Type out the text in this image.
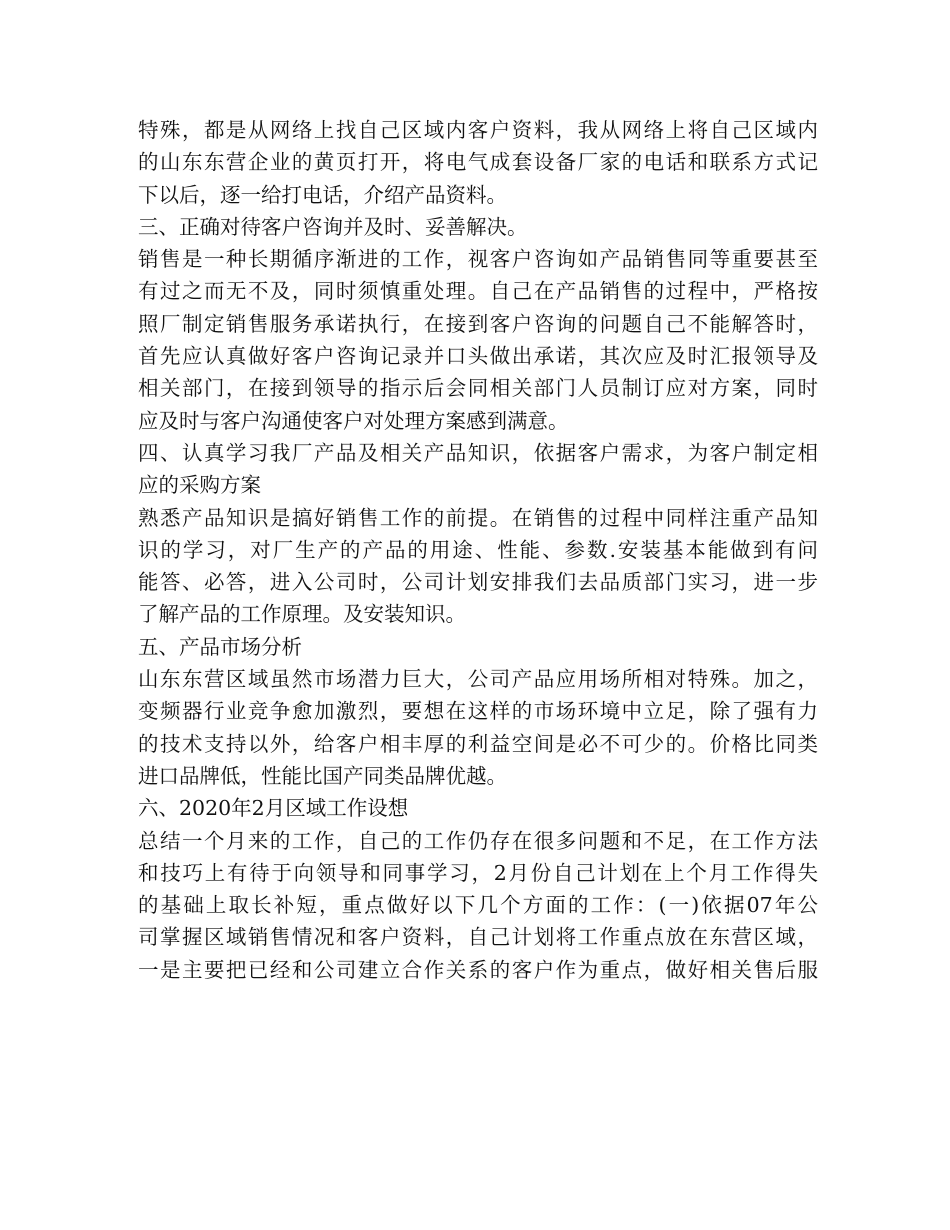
特殊，都是从网络上找自己区域内客户资料，我从网络上将自己区域内
的山东东营企业的黄页打开，将电气成套设备厂家的电话和联系方式记
下以后，逐一给打电话，介绍产品资料。
三、正确对待客户咨询并及时、妥善解决。
销售是一种长期循序渐进的工作，视客户咨询如产品销售同等重要甚至
有过之而无不及，同时须慎重处理。自己在产品销售的过程中，严格按
照厂制定销售服务承诺执行，在接到客户咨询的问题自己不能解答时，
首先应认真做好客户咨询记录并口头做出承诺，其次应及时汇报领导及
相关部门，在接到领导的指示后会同相关部门人员制订应对方案，同时
应及时与客户沟通使客户对处理方案感到满意。
四、认真学习我厂产品及相关产品知识，依据客户需求，为客户制定相
应的采购方案
熟悉产品知识是搞好销售工作的前提。在销售的过程中同样注重产品知
识的学习，对厂生产的产品的用途、性能、参数.安装基本能做到有问
能答、必答，进入公司时，公司计划安排我们去品质部门实习，进一步
了解产品的工作原理。及安装知识。
五、产品市场分析
山东东营区域虽然市场潜力巨大，公司产品应用场所相对特殊。加之，
变频器行业竞争愈加激烈，要想在这样的市场环境中立足，除了强有力
的技术支持以外，给客户相丰厚的利益空间是必不可少的。价格比同类
进口品牌低，性能比国产同类品牌优越。
六、2020年2月区域工作设想
总结一个月来的工作，自己的工作仍存在很多问题和不足，在工作方法
和技巧上有待于向领导和同事学习，2月份自己计划在上个月工作得失
的基础上取长补短，重点做好以下几个方面的工作：(一)依据07年公
司掌握区域销售情况和客户资料，自己计划将工作重点放在东营区域，
一是主要把已经和公司建立合作关系的客户作为重点，做好相关售后服
